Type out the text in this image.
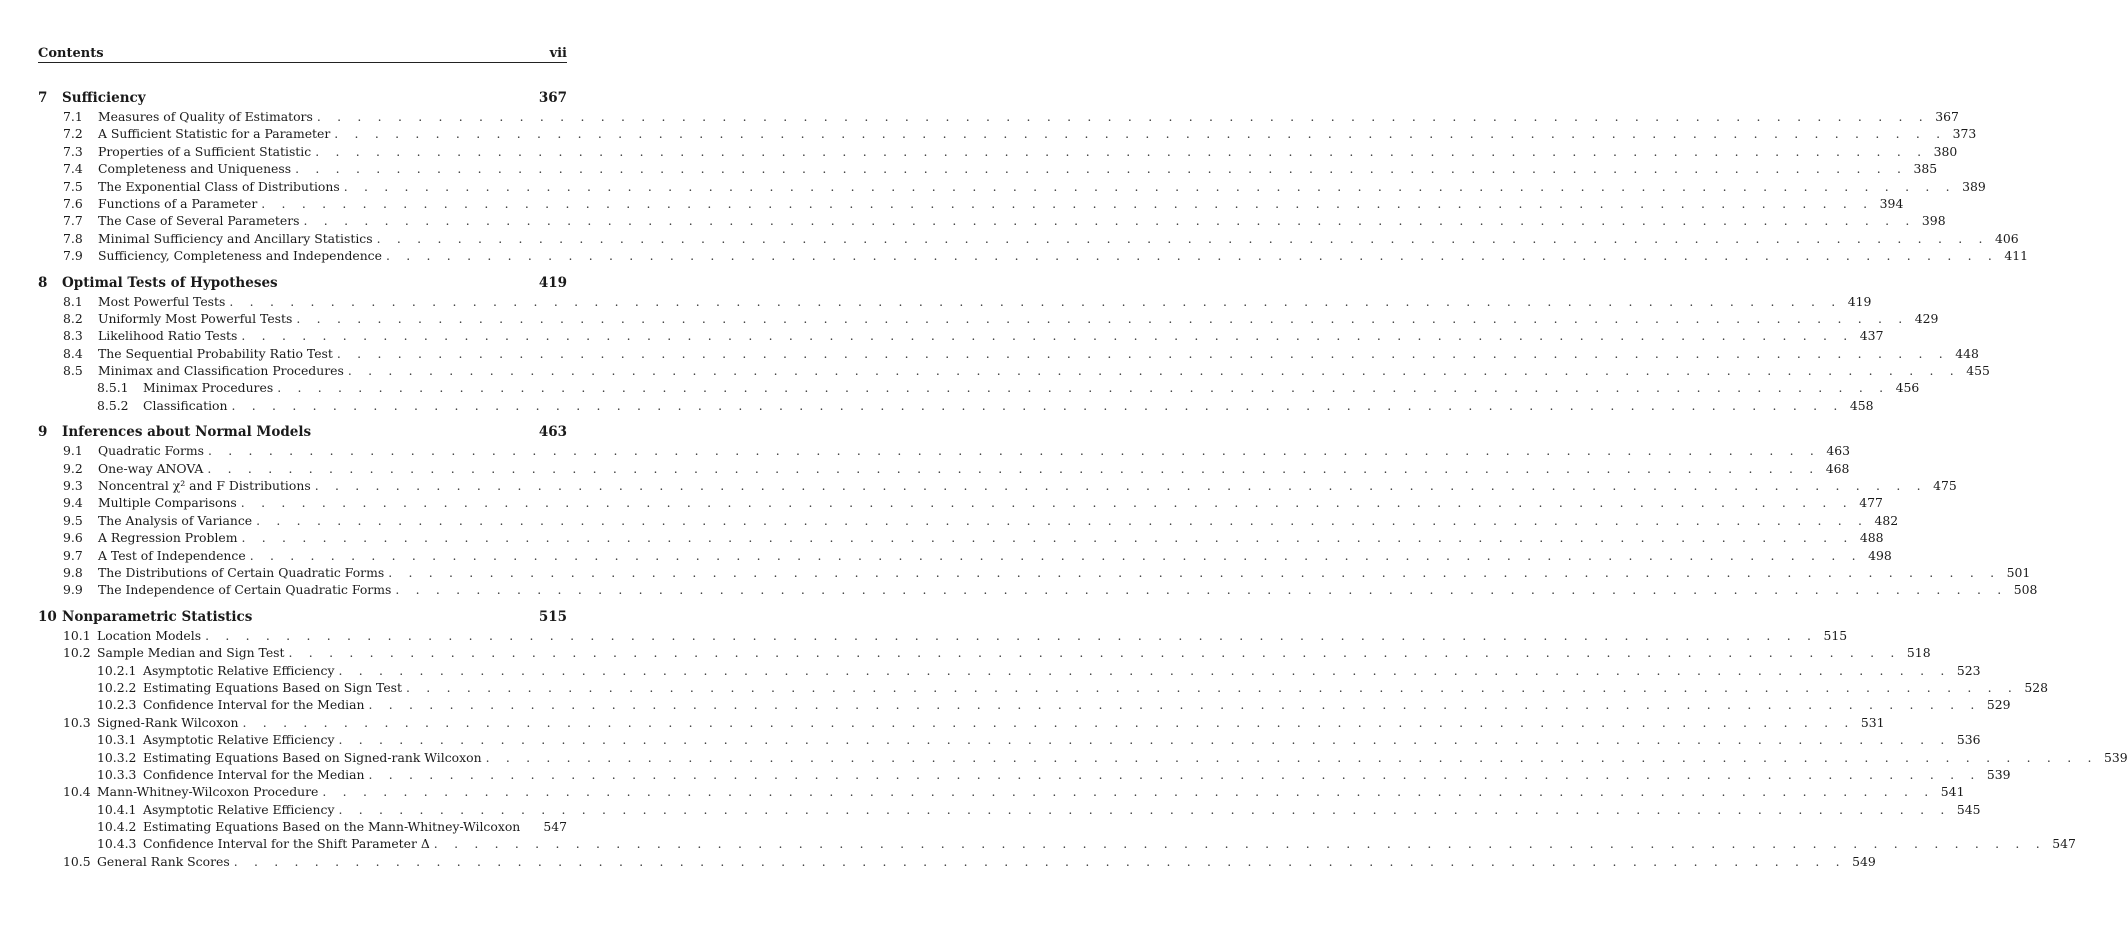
Contents	vii
7	Sufficiency	367
7.1	Measures of Quality of Estimators . . . . . . . . . . . . . . . . . . . . . . . . . . . . . . . . . . . . . . . . . . . . . . . . . . . . . . . . . . . . . . . . . . . . . . . . . . . . . . . . 367
7.2	A Sufficient Statistic for a Parameter . . . . . . . . . . . . . . . . . . . . . . . . . . . . . . . . . . . . . . . . . . . . . . . . . . . . . . . . . . . . . . . . . . . . . . . . . . . . . . . . 373
7.3	Properties of a Sufficient Statistic . . . . . . . . . . . . . . . . . . . . . . . . . . . . . . . . . . . . . . . . . . . . . . . . . . . . . . . . . . . . . . . . . . . . . . . . . . . . . . . . 380
7.4	Completeness and Uniqueness . . . . . . . . . . . . . . . . . . . . . . . . . . . . . . . . . . . . . . . . . . . . . . . . . . . . . . . . . . . . . . . . . . . . . . . . . . . . . . . . 385
7.5	The Exponential Class of Distributions . . . . . . . . . . . . . . . . . . . . . . . . . . . . . . . . . . . . . . . . . . . . . . . . . . . . . . . . . . . . . . . . . . . . . . . . . . . . . . . . 389
7.6	Functions of a Parameter . . . . . . . . . . . . . . . . . . . . . . . . . . . . . . . . . . . . . . . . . . . . . . . . . . . . . . . . . . . . . . . . . . . . . . . . . . . . . . . . 394
7.7	The Case of Several Parameters . . . . . . . . . . . . . . . . . . . . . . . . . . . . . . . . . . . . . . . . . . . . . . . . . . . . . . . . . . . . . . . . . . . . . . . . . . . . . . . . 398
7.8	Minimal Sufficiency and Ancillary Statistics . . . . . . . . . . . . . . . . . . . . . . . . . . . . . . . . . . . . . . . . . . . . . . . . . . . . . . . . . . . . . . . . . . . . . . . . . . . . . . . . 406
7.9	Sufficiency, Completeness and Independence . . . . . . . . . . . . . . . . . . . . . . . . . . . . . . . . . . . . . . . . . . . . . . . . . . . . . . . . . . . . . . . . . . . . . . . . . . . . . . . . 411
8	Optimal Tests of Hypotheses	419
8.1	Most Powerful Tests . . . . . . . . . . . . . . . . . . . . . . . . . . . . . . . . . . . . . . . . . . . . . . . . . . . . . . . . . . . . . . . . . . . . . . . . . . . . . . . . 419
8.2	Uniformly Most Powerful Tests . . . . . . . . . . . . . . . . . . . . . . . . . . . . . . . . . . . . . . . . . . . . . . . . . . . . . . . . . . . . . . . . . . . . . . . . . . . . . . . . 429
8.3	Likelihood Ratio Tests . . . . . . . . . . . . . . . . . . . . . . . . . . . . . . . . . . . . . . . . . . . . . . . . . . . . . . . . . . . . . . . . . . . . . . . . . . . . . . . . 437
8.4	The Sequential Probability Ratio Test . . . . . . . . . . . . . . . . . . . . . . . . . . . . . . . . . . . . . . . . . . . . . . . . . . . . . . . . . . . . . . . . . . . . . . . . . . . . . . . . 448
8.5	Minimax and Classification Procedures . . . . . . . . . . . . . . . . . . . . . . . . . . . . . . . . . . . . . . . . . . . . . . . . . . . . . . . . . . . . . . . . . . . . . . . . . . . . . . . . 455
8.5.1	Minimax Procedures . . . . . . . . . . . . . . . . . . . . . . . . . . . . . . . . . . . . . . . . . . . . . . . . . . . . . . . . . . . . . . . . . . . . . . . . . . . . . . . . 456
8.5.2	Classification . . . . . . . . . . . . . . . . . . . . . . . . . . . . . . . . . . . . . . . . . . . . . . . . . . . . . . . . . . . . . . . . . . . . . . . . . . . . . . . . 458
9	Inferences about Normal Models	463
9.1	Quadratic Forms . . . . . . . . . . . . . . . . . . . . . . . . . . . . . . . . . . . . . . . . . . . . . . . . . . . . . . . . . . . . . . . . . . . . . . . . . . . . . . . . 463
9.2	One-way ANOVA . . . . . . . . . . . . . . . . . . . . . . . . . . . . . . . . . . . . . . . . . . . . . . . . . . . . . . . . . . . . . . . . . . . . . . . . . . . . . . . . 468
9.3	Noncentral χ² and F Distributions . . . . . . . . . . . . . . . . . . . . . . . . . . . . . . . . . . . . . . . . . . . . . . . . . . . . . . . . . . . . . . . . . . . . . . . . . . . . . . . . 475
9.4	Multiple Comparisons . . . . . . . . . . . . . . . . . . . . . . . . . . . . . . . . . . . . . . . . . . . . . . . . . . . . . . . . . . . . . . . . . . . . . . . . . . . . . . . . 477
9.5	The Analysis of Variance . . . . . . . . . . . . . . . . . . . . . . . . . . . . . . . . . . . . . . . . . . . . . . . . . . . . . . . . . . . . . . . . . . . . . . . . . . . . . . . . 482
9.6	A Regression Problem . . . . . . . . . . . . . . . . . . . . . . . . . . . . . . . . . . . . . . . . . . . . . . . . . . . . . . . . . . . . . . . . . . . . . . . . . . . . . . . . 488
9.7	A Test of Independence . . . . . . . . . . . . . . . . . . . . . . . . . . . . . . . . . . . . . . . . . . . . . . . . . . . . . . . . . . . . . . . . . . . . . . . . . . . . . . . . 498
9.8	The Distributions of Certain Quadratic Forms . . . . . . . . . . . . . . . . . . . . . . . . . . . . . . . . . . . . . . . . . . . . . . . . . . . . . . . . . . . . . . . . . . . . . . . . . . . . . . . . 501
9.9	The Independence of Certain Quadratic Forms . . . . . . . . . . . . . . . . . . . . . . . . . . . . . . . . . . . . . . . . . . . . . . . . . . . . . . . . . . . . . . . . . . . . . . . . . . . . . . . . 508
10 Nonparametric Statistics	515
10.1 Location Models . . . . . . . . . . . . . . . . . . . . . . . . . . . . . . . . . . . . . . . . . . . . . . . . . . . . . . . . . . . . . . . . . . . . . . . . . . . . . . . . 515
10.2 Sample Median and Sign Test . . . . . . . . . . . . . . . . . . . . . . . . . . . . . . . . . . . . . . . . . . . . . . . . . . . . . . . . . . . . . . . . . . . . . . . . . . . . . . . . 518
10.2.1 Asymptotic Relative Efficiency . . . . . . . . . . . . . . . . . . . . . . . . . . . . . . . . . . . . . . . . . . . . . . . . . . . . . . . . . . . . . . . . . . . . . . . . . . . . . . . . 523
10.2.2 Estimating Equations Based on Sign Test . . . . . . . . . . . . . . . . . . . . . . . . . . . . . . . . . . . . . . . . . . . . . . . . . . . . . . . . . . . . . . . . . . . . . . . . . . . . . . . . 528
10.2.3 Confidence Interval for the Median . . . . . . . . . . . . . . . . . . . . . . . . . . . . . . . . . . . . . . . . . . . . . . . . . . . . . . . . . . . . . . . . . . . . . . . . . . . . . . . . 529
10.3 Signed-Rank Wilcoxon . . . . . . . . . . . . . . . . . . . . . . . . . . . . . . . . . . . . . . . . . . . . . . . . . . . . . . . . . . . . . . . . . . . . . . . . . . . . . . . . 531
10.3.1 Asymptotic Relative Efficiency . . . . . . . . . . . . . . . . . . . . . . . . . . . . . . . . . . . . . . . . . . . . . . . . . . . . . . . . . . . . . . . . . . . . . . . . . . . . . . . . 536
10.3.2 Estimating Equations Based on Signed-rank Wilcoxon . . . . . . . . . . . . . . . . . . . . . . . . . . . . . . . . . . . . . . . . . . . . . . . . . . . . . . . . . . . . . . . . . . . . . . . . . . . . . . . . 539
10.3.3 Confidence Interval for the Median . . . . . . . . . . . . . . . . . . . . . . . . . . . . . . . . . . . . . . . . . . . . . . . . . . . . . . . . . . . . . . . . . . . . . . . . . . . . . . . . 539
10.4 Mann-Whitney-Wilcoxon Procedure . . . . . . . . . . . . . . . . . . . . . . . . . . . . . . . . . . . . . . . . . . . . . . . . . . . . . . . . . . . . . . . . . . . . . . . . . . . . . . . . 541
10.4.1 Asymptotic Relative Efficiency . . . . . . . . . . . . . . . . . . . . . . . . . . . . . . . . . . . . . . . . . . . . . . . . . . . . . . . . . . . . . . . . . . . . . . . . . . . . . . . . 545
10.4.2 Estimating Equations Based on the Mann-Whitney-Wilcoxon 547
10.4.3 Confidence Interval for the Shift Parameter Δ . . . . . . . . . . . . . . . . . . . . . . . . . . . . . . . . . . . . . . . . . . . . . . . . . . . . . . . . . . . . . . . . . . . . . . . . . . . . . . . . 547
10.5 General Rank Scores . . . . . . . . . . . . . . . . . . . . . . . . . . . . . . . . . . . . . . . . . . . . . . . . . . . . . . . . . . . . . . . . . . . . . . . . . . . . . . . . 549
